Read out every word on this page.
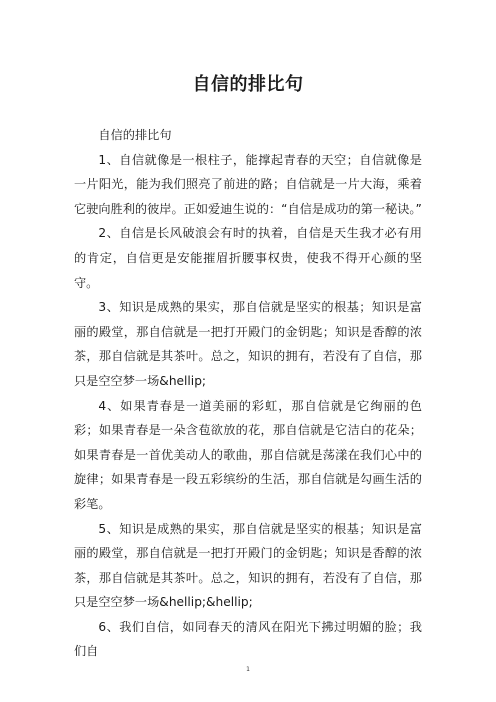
自信的排比句

自信的排比句

1、自信就像是一根柱子，能撑起青春的天空；自信就像是一片阳光，能为我们照亮了前进的路；自信就是一片大海，乘着它驶向胜利的彼岸。正如爱迪生说的：“自信是成功的第一秘诀。”

2、自信是长风破浪会有时的执着，自信是天生我才必有用的肯定，自信更是安能摧眉折腰事权贵，使我不得开心颜的坚守。

3、知识是成熟的果实，那自信就是坚实的根基；知识是富丽的殿堂，那自信就是一把打开殿门的金钥匙；知识是香醇的浓茶，那自信就是其茶叶。总之，知识的拥有，若没有了自信，那只是空空梦一场&hellip;

4、如果青春是一道美丽的彩虹，那自信就是它绚丽的色彩；如果青春是一朵含苞欲放的花，那自信就是它洁白的花朵；如果青春是一首优美动人的歌曲，那自信就是荡漾在我们心中的旋律；如果青春是一段五彩缤纷的生活，那自信就是勾画生活的彩笔。

5、知识是成熟的果实，那自信就是坚实的根基；知识是富丽的殿堂，那自信就是一把打开殿门的金钥匙；知识是香醇的浓茶，那自信就是其茶叶。总之，知识的拥有，若没有了自信，那只是空空梦一场&hellip;&hellip;

6、我们自信，如同春天的清风在阳光下拂过明媚的脸；我们自

1
